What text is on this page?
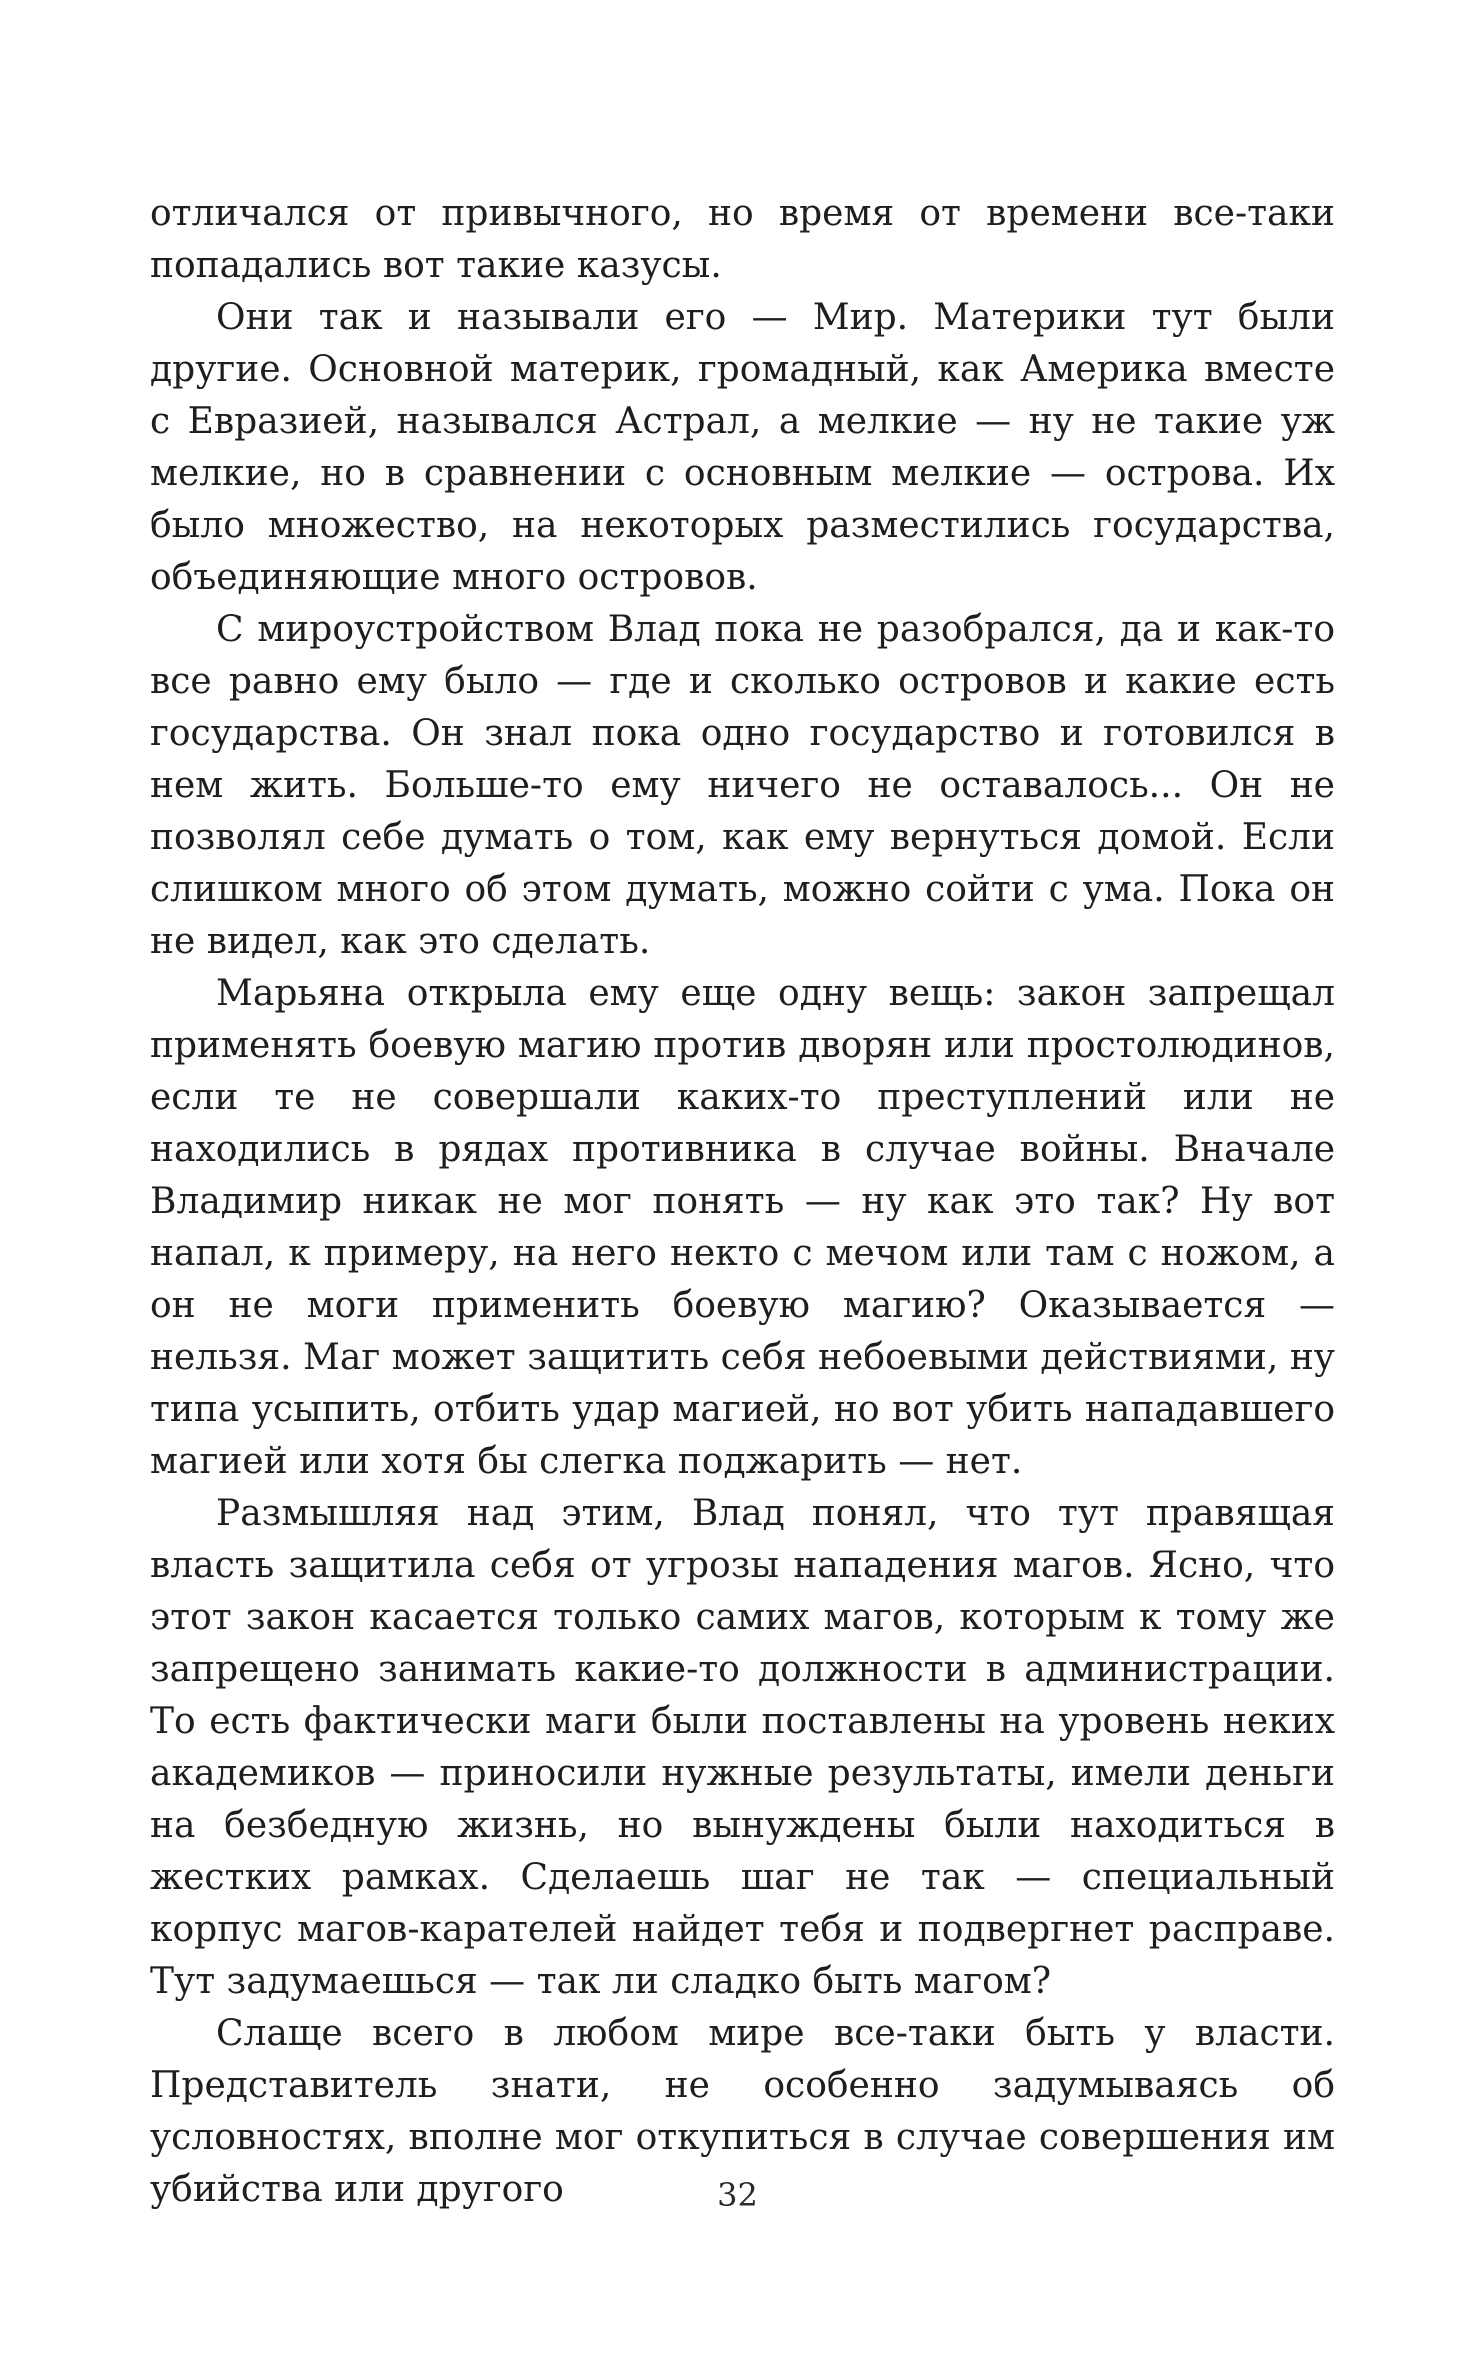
отличался от привычного, но время от времени все-таки попадались вот такие казусы.

Они так и называли его — Мир. Материки тут были другие. Основной материк, громадный, как Америка вместе с Евразией, назывался Астрал, а мелкие — ну не такие уж мелкие, но в сравнении с основным мелкие — острова. Их было множество, на некоторых разместились государства, объединяющие много островов.

С мироустройством Влад пока не разобрался, да и как-то все равно ему было — где и сколько островов и какие есть государства. Он знал пока одно государство и готовился в нем жить. Больше-то ему ничего не оставалось... Он не позволял себе думать о том, как ему вернуться домой. Если слишком много об этом думать, можно сойти с ума. Пока он не видел, как это сделать.

Марьяна открыла ему еще одну вещь: закон запрещал применять боевую магию против дворян или простолюдинов, если те не совершали каких-то преступлений или не находились в рядах противника в случае войны. Вначале Владимир никак не мог понять — ну как это так? Ну вот напал, к примеру, на него некто с мечом или там с ножом, а он не моги применить боевую магию? Оказывается — нельзя. Маг может защитить себя небоевыми действиями, ну типа усыпить, отбить удар магией, но вот убить нападавшего магией или хотя бы слегка поджарить — нет.

Размышляя над этим, Влад понял, что тут правящая власть защитила себя от угрозы нападения магов. Ясно, что этот закон касается только самих магов, которым к тому же запрещено занимать какие-то должности в администрации. То есть фактически маги были поставлены на уровень неких академиков — приносили нужные результаты, имели деньги на безбедную жизнь, но вынуждены были находиться в жестких рамках. Сделаешь шаг не так — специальный корпус магов-карателей найдет тебя и подвергнет расправе. Тут задумаешься — так ли сладко быть магом?

Слаще всего в любом мире все-таки быть у власти. Представитель знати, не особенно задумываясь об условностях, вполне мог откупиться в случае совершения им убийства или другого	32
